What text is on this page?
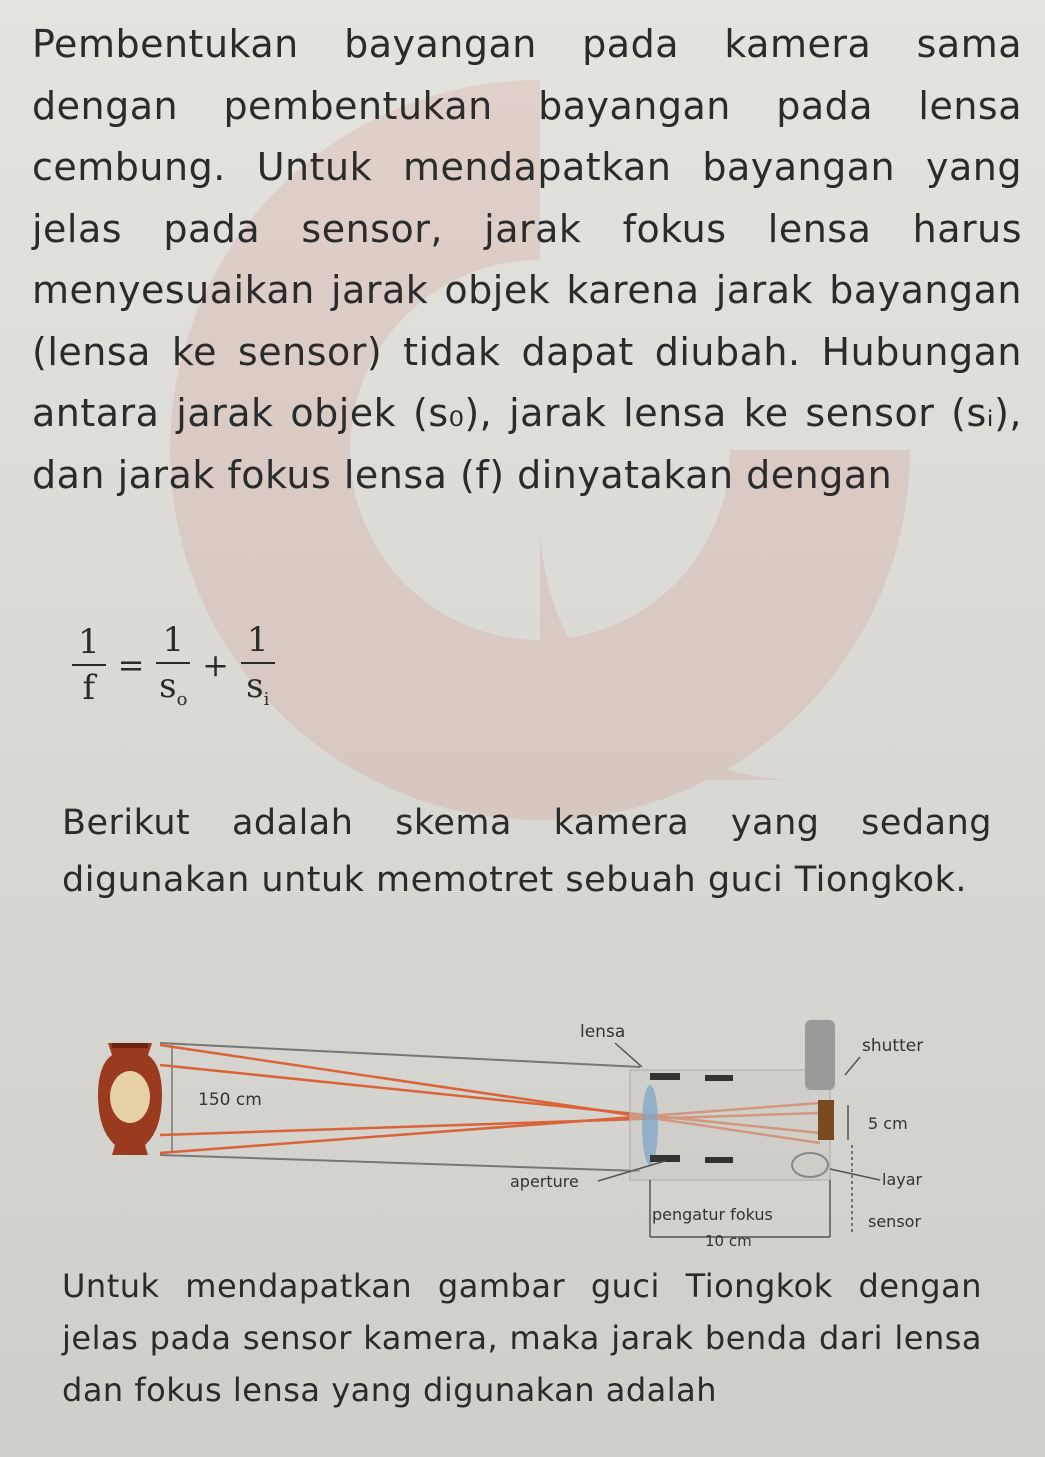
Pembentukan bayangan pada kamera sama dengan pembentukan bayangan pada lensa cembung. Untuk mendapatkan bayangan yang jelas pada sensor, jarak fokus lensa harus menyesuaikan jarak objek karena jarak bayangan (lensa ke sensor) tidak dapat diubah. Hubungan antara jarak objek (s₀), jarak lensa ke sensor (sᵢ), dan jarak fokus lensa (f) dinyatakan dengan

$\frac{1}{f} = \frac{1}{s_o} + \frac{1}{s_i}$

Berikut adalah skema kamera yang sedang digunakan untuk memotret sebuah guci Tiongkok.

150 cm
lensa
shutter
5 cm
aperture	layar
pengatur fokus	sensor
10 cm

Untuk mendapatkan gambar guci Tiongkok dengan jelas pada sensor kamera, maka jarak benda dari lensa dan fokus lensa yang digunakan adalah
